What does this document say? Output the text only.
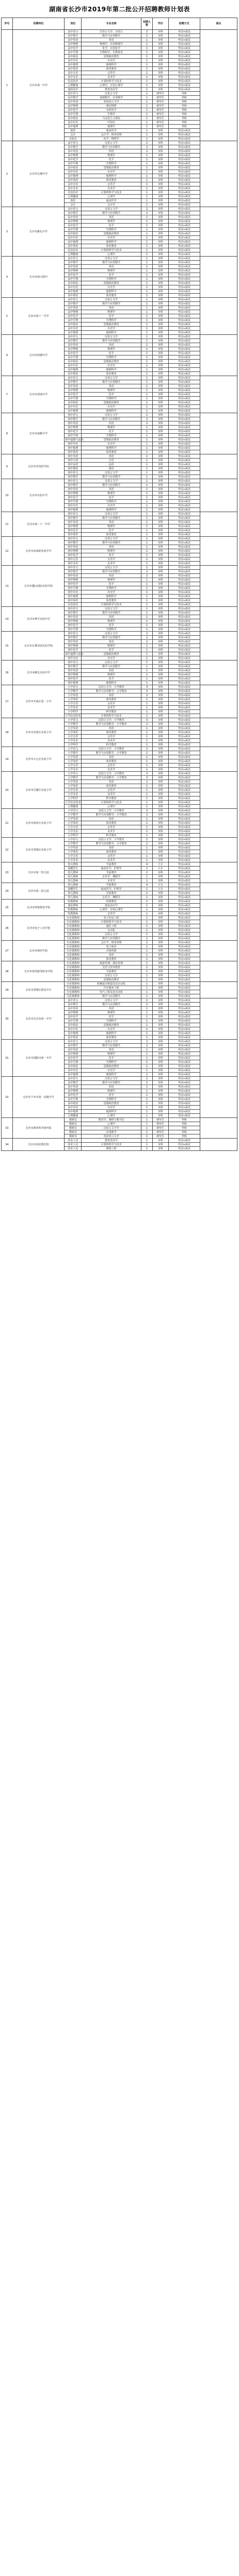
湖南省长沙市2019年第二批公开招聘教师计划表
序号	招聘单位	岗位	专业名称	招聘人数	学历	招聘方式	备注
1	长沙市第一中学	高中语文	汉语言文学、汉语言	2	本科	考试+面试	
		高中数学	数学与应用数学	2	本科	考试+面试	
		高中英语	英语	1	本科	考试+面试	
		高中物理	物理学、应用物理学	1	本科	考试+面试	
		高中化学	化学、应用化学	1	本科	考试+面试	
		高中生物	生物科学、生物技术	1	本科	考试+面试	
		高中政治	思想政治教育	1	本科	考试+面试	
		高中历史	历史学	1	本科	考试+面试	
		高中地理	地理科学	1	本科	考试+面试	
		高中体育	体育教育	1	本科	考试+面试	
		高中音乐	音乐学	1	本科	考试+面试	
		高中美术	美术学	1	本科	考试+面试	
		信息技术	计算机科学与技术	1	本科	考试+面试	
		心理健康	心理学、应用心理学	1	本科	考试+面试	
		通用技术	教育技术学	1	本科	考试+面试	
		高中语文	汉语言文学	1	研究生	考核	
		高中数学	基础数学、应用数学	1	研究生	考核	
		高中英语	英语语言文学	1	研究生	考核	
		高中物理	理论物理	1	研究生	考核	
		高中化学	有机化学	1	研究生	考核	
		高中生物	生物学	1	研究生	考核	
		高中政治	马克思主义理论	1	研究生	考核	
		高中历史	中国史	1	研究生	考核	
		高中地理	地理学	1	研究生	考核	
		校医	临床医学	1	本科	考试+面试	
		会计	会计学、财务管理	1	本科	考试+面试	
		实验员	化学、物理学	1	本科	考试+面试	
2	长沙市长郡中学	高中语文	汉语言文学	2	本科	考试+面试	
		高中数学	数学与应用数学	2	本科	考试+面试	
		高中英语	英语	2	本科	考试+面试	
		高中物理	物理学	1	本科	考试+面试	
		高中化学	化学	1	本科	考试+面试	
		高中生物	生物科学	1	本科	考试+面试	
		高中政治	思想政治教育	1	本科	考试+面试	
		高中历史	历史学	1	本科	考试+面试	
		高中地理	地理科学	1	本科	考试+面试	
		高中体育	体育教育	1	本科	考试+面试	
		高中音乐	音乐学	1	本科	考试+面试	
		高中美术	美术学	1	本科	考试+面试	
		信息技术	计算机科学与技术	1	本科	考试+面试	
		心理健康	心理学	1	本科	考试+面试	
		校医	临床医学	1	本科	考试+面试	
		会计	会计学	1	本科	考试+面试	
3	长沙市雅礼中学	高中语文	汉语言文学	2	本科	考试+面试	
		高中数学	数学与应用数学	2	本科	考试+面试	
		高中英语	英语	1	本科	考试+面试	
		高中物理	物理学	1	本科	考试+面试	
		高中化学	化学	1	本科	考试+面试	
		高中生物	生物科学	1	本科	考试+面试	
		高中政治	思想政治教育	1	本科	考试+面试	
		高中历史	历史学	1	本科	考试+面试	
		高中地理	地理科学	1	本科	考试+面试	
		高中体育	体育教育	1	本科	考试+面试	
		信息技术	计算机科学与技术	1	本科	考试+面试	
		心理健康	心理学	1	本科	考试+面试	
4	长沙市师大附中	高中语文	汉语言文学	1	本科	考试+面试	
		高中数学	数学与应用数学	1	本科	考试+面试	
		高中英语	英语	1	本科	考试+面试	
		高中物理	物理学	1	本科	考试+面试	
		高中化学	化学	1	本科	考试+面试	
		高中生物	生物科学	1	本科	考试+面试	
		高中政治	思想政治教育	1	本科	考试+面试	
		高中历史	历史学	1	本科	考试+面试	
		高中地理	地理科学	1	本科	考试+面试	
		高中体育	体育教育	1	本科	考试+面试	
5	长沙市第十一中学	高中语文	汉语言文学	1	本科	考试+面试	
		高中数学	数学与应用数学	1	本科	考试+面试	
		高中英语	英语	1	本科	考试+面试	
		高中物理	物理学	1	本科	考试+面试	
		高中化学	化学	1	本科	考试+面试	
		高中生物	生物科学	1	本科	考试+面试	
		高中政治	思想政治教育	1	本科	考试+面试	
		高中历史	历史学	1	本科	考试+面试	
		高中地理	地理科学	1	本科	考试+面试	
6	长沙市明德中学	高中语文	汉语言文学	1	本科	考试+面试	
		高中数学	数学与应用数学	1	本科	考试+面试	
		高中英语	英语	1	本科	考试+面试	
		高中物理	物理学	1	本科	考试+面试	
		高中化学	化学	1	本科	考试+面试	
		高中生物	生物科学	1	本科	考试+面试	
		高中政治	思想政治教育	1	本科	考试+面试	
		高中历史	历史学	1	本科	考试+面试	
		高中地理	地理科学	1	本科	考试+面试	
		高中体育	体育教育	1	本科	考试+面试	
7	长沙市周南中学	高中语文	汉语言文学	1	本科	考试+面试	
		高中数学	数学与应用数学	1	本科	考试+面试	
		高中英语	英语	1	本科	考试+面试	
		高中物理	物理学	1	本科	考试+面试	
		高中化学	化学	1	本科	考试+面试	
		高中生物	生物科学	1	本科	考试+面试	
		高中政治	思想政治教育	1	本科	考试+面试	
		高中历史	历史学	1	本科	考试+面试	
		高中地理	地理科学	1	本科	考试+面试	
8	长沙市南雅中学	初中语文	汉语言文学	2	本科	考试+面试	
		初中数学	数学与应用数学	2	本科	考试+面试	
		初中英语	英语	2	本科	考试+面试	
		初中物理	物理学	1	本科	考试+面试	
		初中化学	化学	1	本科	考试+面试	
		初中生物	生物科学	1	本科	考试+面试	
		初中道德与法治	思想政治教育	1	本科	考试+面试	
		初中历史	历史学	1	本科	考试+面试	
		初中地理	地理科学	1	本科	考试+面试	
		初中体育	体育教育	1	本科	考试+面试	
9	长沙市外国语学校	初中英语	英语	2	本科	考试+面试	
		初中日语	日语	1	本科	考试+面试	
		初中法语	法语	1	本科	考试+面试	
		初中德语	德语	1	本科	考试+面试	
		初中语文	汉语言文学	1	本科	考试+面试	
		初中数学	数学与应用数学	1	本科	考试+面试	
10	长沙市实验中学	初中语文	汉语言文学	1	本科	考试+面试	
		初中数学	数学与应用数学	1	本科	考试+面试	
		初中英语	英语	1	本科	考试+面试	
		初中物理	物理学	1	本科	考试+面试	
		初中化学	化学	1	本科	考试+面试	
		初中生物	生物科学	1	本科	考试+面试	
		初中历史	历史学	1	本科	考试+面试	
		初中地理	地理科学	1	本科	考试+面试	
11	长沙市第二十一中学	初中语文	汉语言文学	1	本科	考试+面试	
		初中数学	数学与应用数学	1	本科	考试+面试	
		初中英语	英语	1	本科	考试+面试	
		初中物理	物理学	1	本科	考试+面试	
		初中化学	化学	1	本科	考试+面试	
		初中体育	体育教育	1	本科	考试+面试	
12	长沙市田家炳实验中学	初中语文	汉语言文学	1	本科	考试+面试	
		初中数学	数学与应用数学	1	本科	考试+面试	
		初中英语	英语	1	本科	考试+面试	
		初中物理	物理学	1	本科	考试+面试	
		初中化学	化学	1	本科	考试+面试	
		初中音乐	音乐学	1	本科	考试+面试	
		初中美术	美术学	1	本科	考试+面试	
13	长沙市麓山国际实验学校	初中语文	汉语言文学	2	本科	考试+面试	
		初中数学	数学与应用数学	2	本科	考试+面试	
		初中英语	英语	2	本科	考试+面试	
		初中物理	物理学	1	本科	考试+面试	
		初中化学	化学	1	本科	考试+面试	
		初中生物	生物科学	1	本科	考试+面试	
		初中历史	历史学	1	本科	考试+面试	
		初中地理	地理科学	1	本科	考试+面试	
		初中体育	体育教育	1	本科	考试+面试	
		信息技术	计算机科学与技术	1	本科	考试+面试	
14	长沙市博才实验中学	初中语文	汉语言文学	1	本科	考试+面试	
		初中数学	数学与应用数学	1	本科	考试+面试	
		初中英语	英语	1	本科	考试+面试	
		初中物理	物理学	1	本科	考试+面试	
		初中化学	化学	1	本科	考试+面试	
		初中生物	生物科学	1	本科	考试+面试	
15	长沙市长郡双语实验学校	初中语文	汉语言文学	2	本科	考试+面试	
		初中数学	数学与应用数学	2	本科	考试+面试	
		初中英语	英语	2	本科	考试+面试	
		初中物理	物理学	1	本科	考试+面试	
		初中化学	化学	1	本科	考试+面试	
		初中道德与法治	思想政治教育	1	本科	考试+面试	
		初中历史	历史学	1	本科	考试+面试	
16	长沙市雅礼实验中学	初中语文	汉语言文学	1	本科	考试+面试	
		初中数学	数学与应用数学	1	本科	考试+面试	
		初中英语	英语	1	本科	考试+面试	
		初中物理	物理学	1	本科	考试+面试	
		初中化学	化学	1	本科	考试+面试	
		初中地理	地理科学	1	本科	考试+面试	
17	长沙市开福区第一小学	小学语文	汉语言文学、小学教育	3	本科	考试+面试	
		小学数学	数学与应用数学、小学教育	3	本科	考试+面试	
		小学英语	英语	2	本科	考试+面试	
		小学体育	体育教育	1	本科	考试+面试	
		小学音乐	音乐学	1	本科	考试+面试	
		小学美术	美术学	1	本科	考试+面试	
		小学科学	科学教育	1	本科	考试+面试	
		小学信息技术	计算机科学与技术	1	本科	考试+面试	
18	长沙市芙蓉区实验小学	小学语文	汉语言文学、小学教育	3	本科	考试+面试	
		小学数学	数学与应用数学、小学教育	2	本科	考试+面试	
		小学英语	英语	1	本科	考试+面试	
		小学体育	体育教育	1	本科	考试+面试	
		小学音乐	音乐学	1	本科	考试+面试	
		小学美术	美术学	1	本科	考试+面试	
		小学科学	科学教育	1	本科	考试+面试	
19	长沙市天心区实验小学	小学语文	汉语言文学、小学教育	2	本科	考试+面试	
		小学数学	数学与应用数学、小学教育	2	本科	考试+面试	
		小学英语	英语	1	本科	考试+面试	
		小学体育	体育教育	1	本科	考试+面试	
		小学音乐	音乐学	1	本科	考试+面试	
		小学美术	美术学	1	本科	考试+面试	
20	长沙市岳麓区实验小学	小学语文	汉语言文学、小学教育	3	本科	考试+面试	
		小学数学	数学与应用数学、小学教育	3	本科	考试+面试	
		小学英语	英语	2	本科	考试+面试	
		小学体育	体育教育	1	本科	考试+面试	
		小学音乐	音乐学	1	本科	考试+面试	
		小学美术	美术学	1	本科	考试+面试	
		小学科学	科学教育	1	本科	考试+面试	
		小学信息技术	计算机科学与技术	1	本科	考试+面试	
		心理健康	心理学	1	本科	考试+面试	
21	长沙市雨花区实验小学	小学语文	汉语言文学、小学教育	3	本科	考试+面试	
		小学数学	数学与应用数学、小学教育	2	本科	考试+面试	
		小学英语	英语	1	本科	考试+面试	
		小学体育	体育教育	1	本科	考试+面试	
		小学音乐	音乐学	1	本科	考试+面试	
		小学美术	美术学	1	本科	考试+面试	
		小学科学	科学教育	1	本科	考试+面试	
22	长沙市望城区实验小学	小学语文	汉语言文学、小学教育	2	本科	考试+面试	
		小学数学	数学与应用数学、小学教育	2	本科	考试+面试	
		小学英语	英语	1	本科	考试+面试	
		小学体育	体育教育	1	本科	考试+面试	
		小学音乐	音乐学	1	本科	考试+面试	
		小学美术	美术学	1	本科	考试+面试	
23	长沙市第一幼儿园	幼儿教师	学前教育	4	大专	考试+面试	
		保健医生	临床医学、护理学	1	大专	考试+面试	
		幼儿教师	学前教育	2	本科	考试+面试	
		幼儿教师	音乐学、舞蹈学	1	本科	考试+面试	
		幼儿教师	美术学	1	本科	考试+面试	
24	长沙市第二幼儿园	幼儿教师	学前教育	4	大专	考试+面试	
		保健医生	临床医学、护理学	1	大专	考试+面试	
		幼儿教师	学前教育	2	本科	考试+面试	
		幼儿教师	音乐学、舞蹈学	1	本科	考试+面试	
25	长沙市特殊教育学校	特教教师	特殊教育	2	本科	考试+面试	
		康复教师	康复治疗学	1	本科	考试+面试	
		特教教师	心理学、应用心理学	1	本科	考试+面试	
		特教教师	音乐学	1	本科	考试+面试	
26	长沙市电子工业学校	专业课教师	电子信息工程	1	本科	考试+面试	
		专业课教师	计算机科学与技术	1	本科	考试+面试	
		专业课教师	通信工程	1	本科	考试+面试	
		专业课教师	自动化	1	本科	考试+面试	
		文化课教师	汉语言文学	1	本科	考试+面试	
		文化课教师	数学与应用数学	1	本科	考试+面试	
27	长沙市财经学校	专业课教师	会计学、财务管理	2	本科	考试+面试	
		专业课教师	电子商务	1	本科	考试+面试	
		专业课教师	市场营销	1	本科	考试+面试	
		文化课教师	英语	1	本科	考试+面试	
		文化课教师	体育教育	1	本科	考试+面试	
28	长沙市现代服务职业学校	专业课教师	旅游管理、酒店管理	1	本科	考试+面试	
		专业课教师	烹饪与营养教育	1	本科	考试+面试	
		专业课教师	学前教育	1	本科	考试+面试	
		文化课教师	汉语言文学	1	本科	考试+面试	
		文化课教师	思想政治教育	1	本科	考试+面试	
29	长沙市望城区职业中专	专业课教师	机械设计制造及其自动化	1	本科	考试+面试	
		专业课教师	汽车服务工程	1	本科	考试+面试	
		专业课教师	电气工程及其自动化	1	本科	考试+面试	
		文化课教师	数学与应用数学	1	本科	考试+面试	
30	长沙市长沙县第一中学	高中语文	汉语言文学	2	本科	考试+面试	
		高中数学	数学与应用数学	2	本科	考试+面试	
		高中英语	英语	1	本科	考试+面试	
		高中物理	物理学	1	本科	考试+面试	
		高中化学	化学	1	本科	考试+面试	
		高中生物	生物科学	1	本科	考试+面试	
		高中政治	思想政治教育	1	本科	考试+面试	
		高中历史	历史学	1	本科	考试+面试	
		高中地理	地理科学	1	本科	考试+面试	
		高中体育	体育教育	1	本科	考试+面试	
31	长沙市浏阳市第一中学	高中语文	汉语言文学	2	本科	考试+面试	
		高中数学	数学与应用数学	2	本科	考试+面试	
		高中英语	英语	1	本科	考试+面试	
		高中物理	物理学	1	本科	考试+面试	
		高中化学	化学	1	本科	考试+面试	
		高中生物	生物科学	1	本科	考试+面试	
		高中政治	思想政治教育	1	本科	考试+面试	
		高中历史	历史学	1	本科	考试+面试	
		高中地理	地理科学	1	本科	考试+面试	
32	长沙市宁乡市第一高级中学	高中语文	汉语言文学	2	本科	考试+面试	
		高中数学	数学与应用数学	2	本科	考试+面试	
		高中英语	英语	1	本科	考试+面试	
		高中物理	物理学	1	本科	考试+面试	
		高中化学	化学	1	本科	考试+面试	
		高中生物	生物科学	1	本科	考试+面试	
		高中政治	思想政治教育	1	本科	考试+面试	
		高中历史	历史学	1	本科	考试+面试	
		高中地理	地理科学	1	本科	考试+面试	
		心理健康	心理学	1	本科	考试+面试	
33	长沙市教育科学研究院	教研员	教育学、课程与教学论	1	研究生	考核	
		教研员	心理学	1	研究生	考核	
		教研员	汉语言文字学	1	研究生	考核	
		教研员	应用数学	1	研究生	考核	
		教研员	英语语言文学	1	研究生	考核	
34	长沙市电化教育馆	技术人员	教育技术学	1	本科	考试+面试	
		技术人员	计算机科学与技术	1	本科	考试+面试	
		技术人员	网络工程	1	本科	考试+面试	
